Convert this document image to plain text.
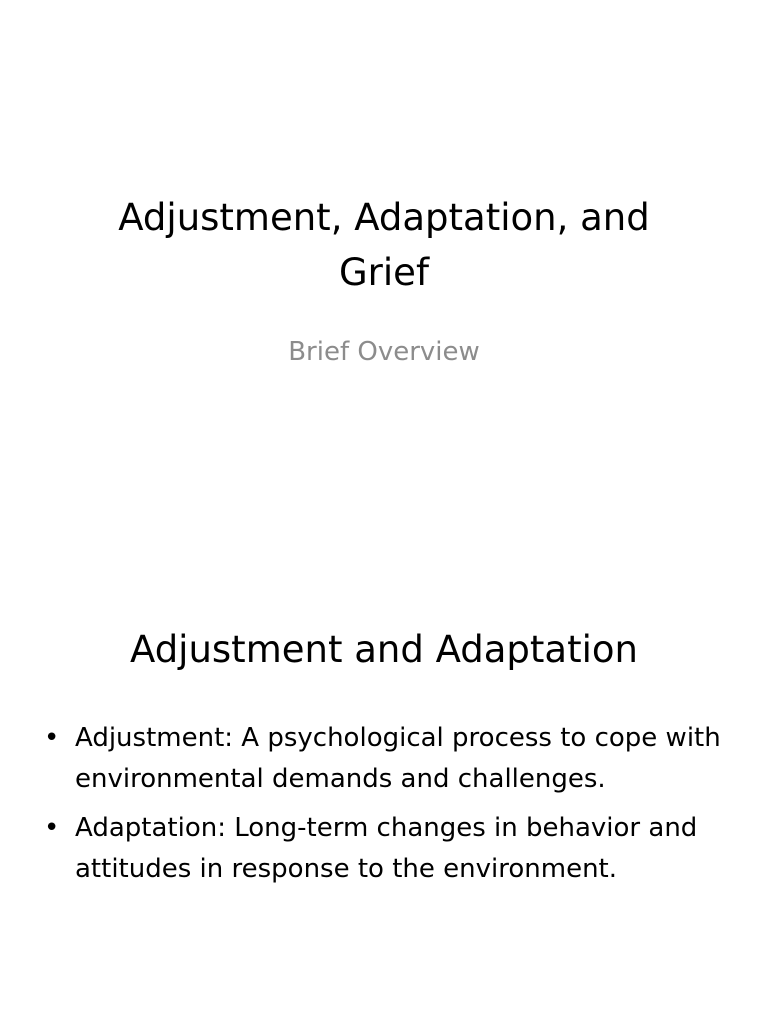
Adjustment, Adaptation, and Grief

Brief Overview

Adjustment and Adaptation
• Adjustment: A psychological process to cope with environmental demands and challenges.
• Adaptation: Long-term changes in behavior and attitudes in response to the environment.
